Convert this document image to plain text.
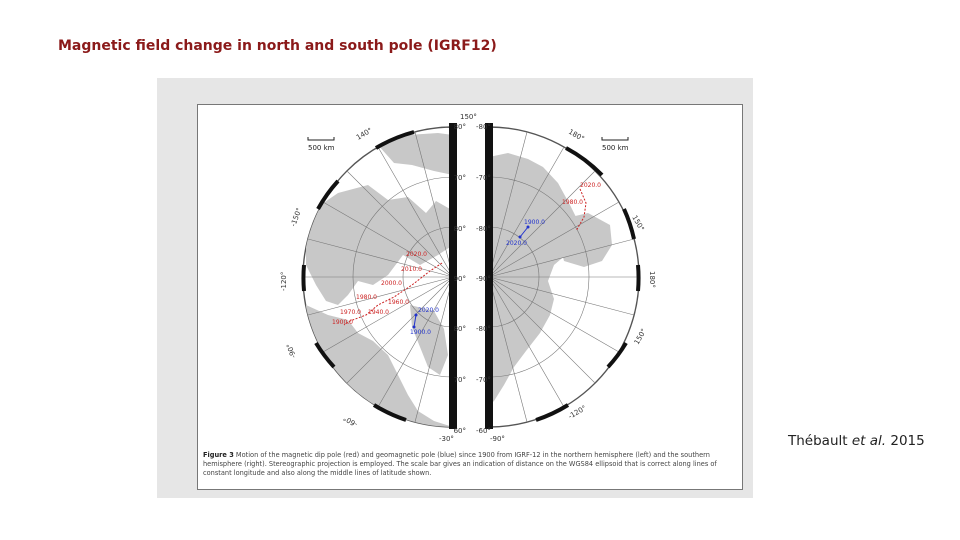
Magnetic field change in north and south pole (IGRF12)
500 km
150°
140°
-150°
-120°
-90°
-60°
-30°
80°
70°
80°
90°
80°
70°
60°
2020.0
2010.0
2000.0
1980.0
1960.0
1970.0 1940.0
1900.0
2020.0
1900.0
500 km
180°
150°
180°
150°
-120°
-90°
-80°
-70°
-80°
-90°
-80°
-70°
-60°
2020.0
1980.0
1900.0
2020.0
Figure 3 Motion of the magnetic dip pole (red) and geomagnetic pole (blue) since 1900 from IGRF-12 in the northern hemisphere (left) and the southern hemisphere (right). Stereographic projection is employed. The scale bar gives an indication of distance on the WGS84 ellipsoid that is correct along lines of constant longitude and also along the middle lines of latitude shown.
Thébault et al. 2015
